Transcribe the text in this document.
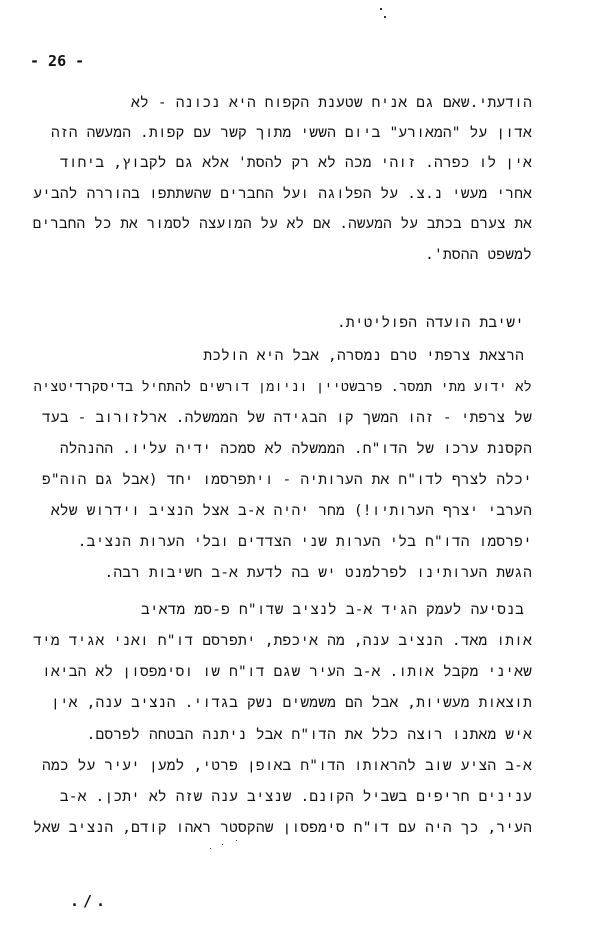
- 26 -
הודעתי.שאם גם אניח שטענת הקפוח היא נכונה - לא
אדון על "המאורע" ביום הששי מתוך קשר עם קפות. המעשה הזה
אין לו כפרה. זוהי מכה לא רק להסת' אלא גם לקבוץ, ביחוד
אחרי מעשי נ.צ. על הפלוגה ועל החברים שהשתתפו בהוררה להביע
את צערם בכתב על המעשה. אם לא על המועצה לסמור את כל החברים
למשפט ההסת'.
ישיבת הועדה הפוליטית.
הרצאת צרפתי טרם נמסרה, אבל היא הולכת
לא ידוע מתי תמסר. פרבשטיין וניומן דורשים להתחיל בדיסקרדיטציה
של צרפתי - זהו המשך קו הבגידה של הממשלה. ארלזורוב - בעד
הקסנת ערכו של הדו"ח. הממשלה לא סמכה ידיה עליו. ההנהלה
יכלה לצרף לדו"ח את הערותיה - ויתפרסמו יחד (אבל גם הוה"פ
הערבי יצרף הערותיו!) מחר יהיה א-ב אצל הנציב וידרוש שלא
יפרסמו הדו"ח בלי הערות שני הצדדים ובלי הערות הנציב.
הגשת הערותינו לפרלמנט יש בה לדעת א-ב חשיבות רבה.
בנסיעה לעמק הגיד א-ב לנציב שדו"ח פ-סמ מדאיב
אותו מאד. הנציב ענה, מה איכפת, יתפרסם דו"ח ואני אגיד מיד
שאיני מקבל אותו. א-ב העיר שגם דו"ח שו וסימפסון לא הביאו
תוצאות מעשיות, אבל הם משמשים נשק בגדוי. הנציב ענה, אין
איש מאתנו רוצה כלל את הדו"ח אבל ניתנה הבטחה לפרסם.
א-ב הציע שוב להראותו הדו"ח באופן פרטי, למען יעיר על כמה
ענינים חריפים בשביל הקונם. שנציב ענה שזה לא יתכן. א-ב
העיר, כך היה עם דו"ח סימפסון שהקסטר ראהו קודם, הנציב שאל
./.
